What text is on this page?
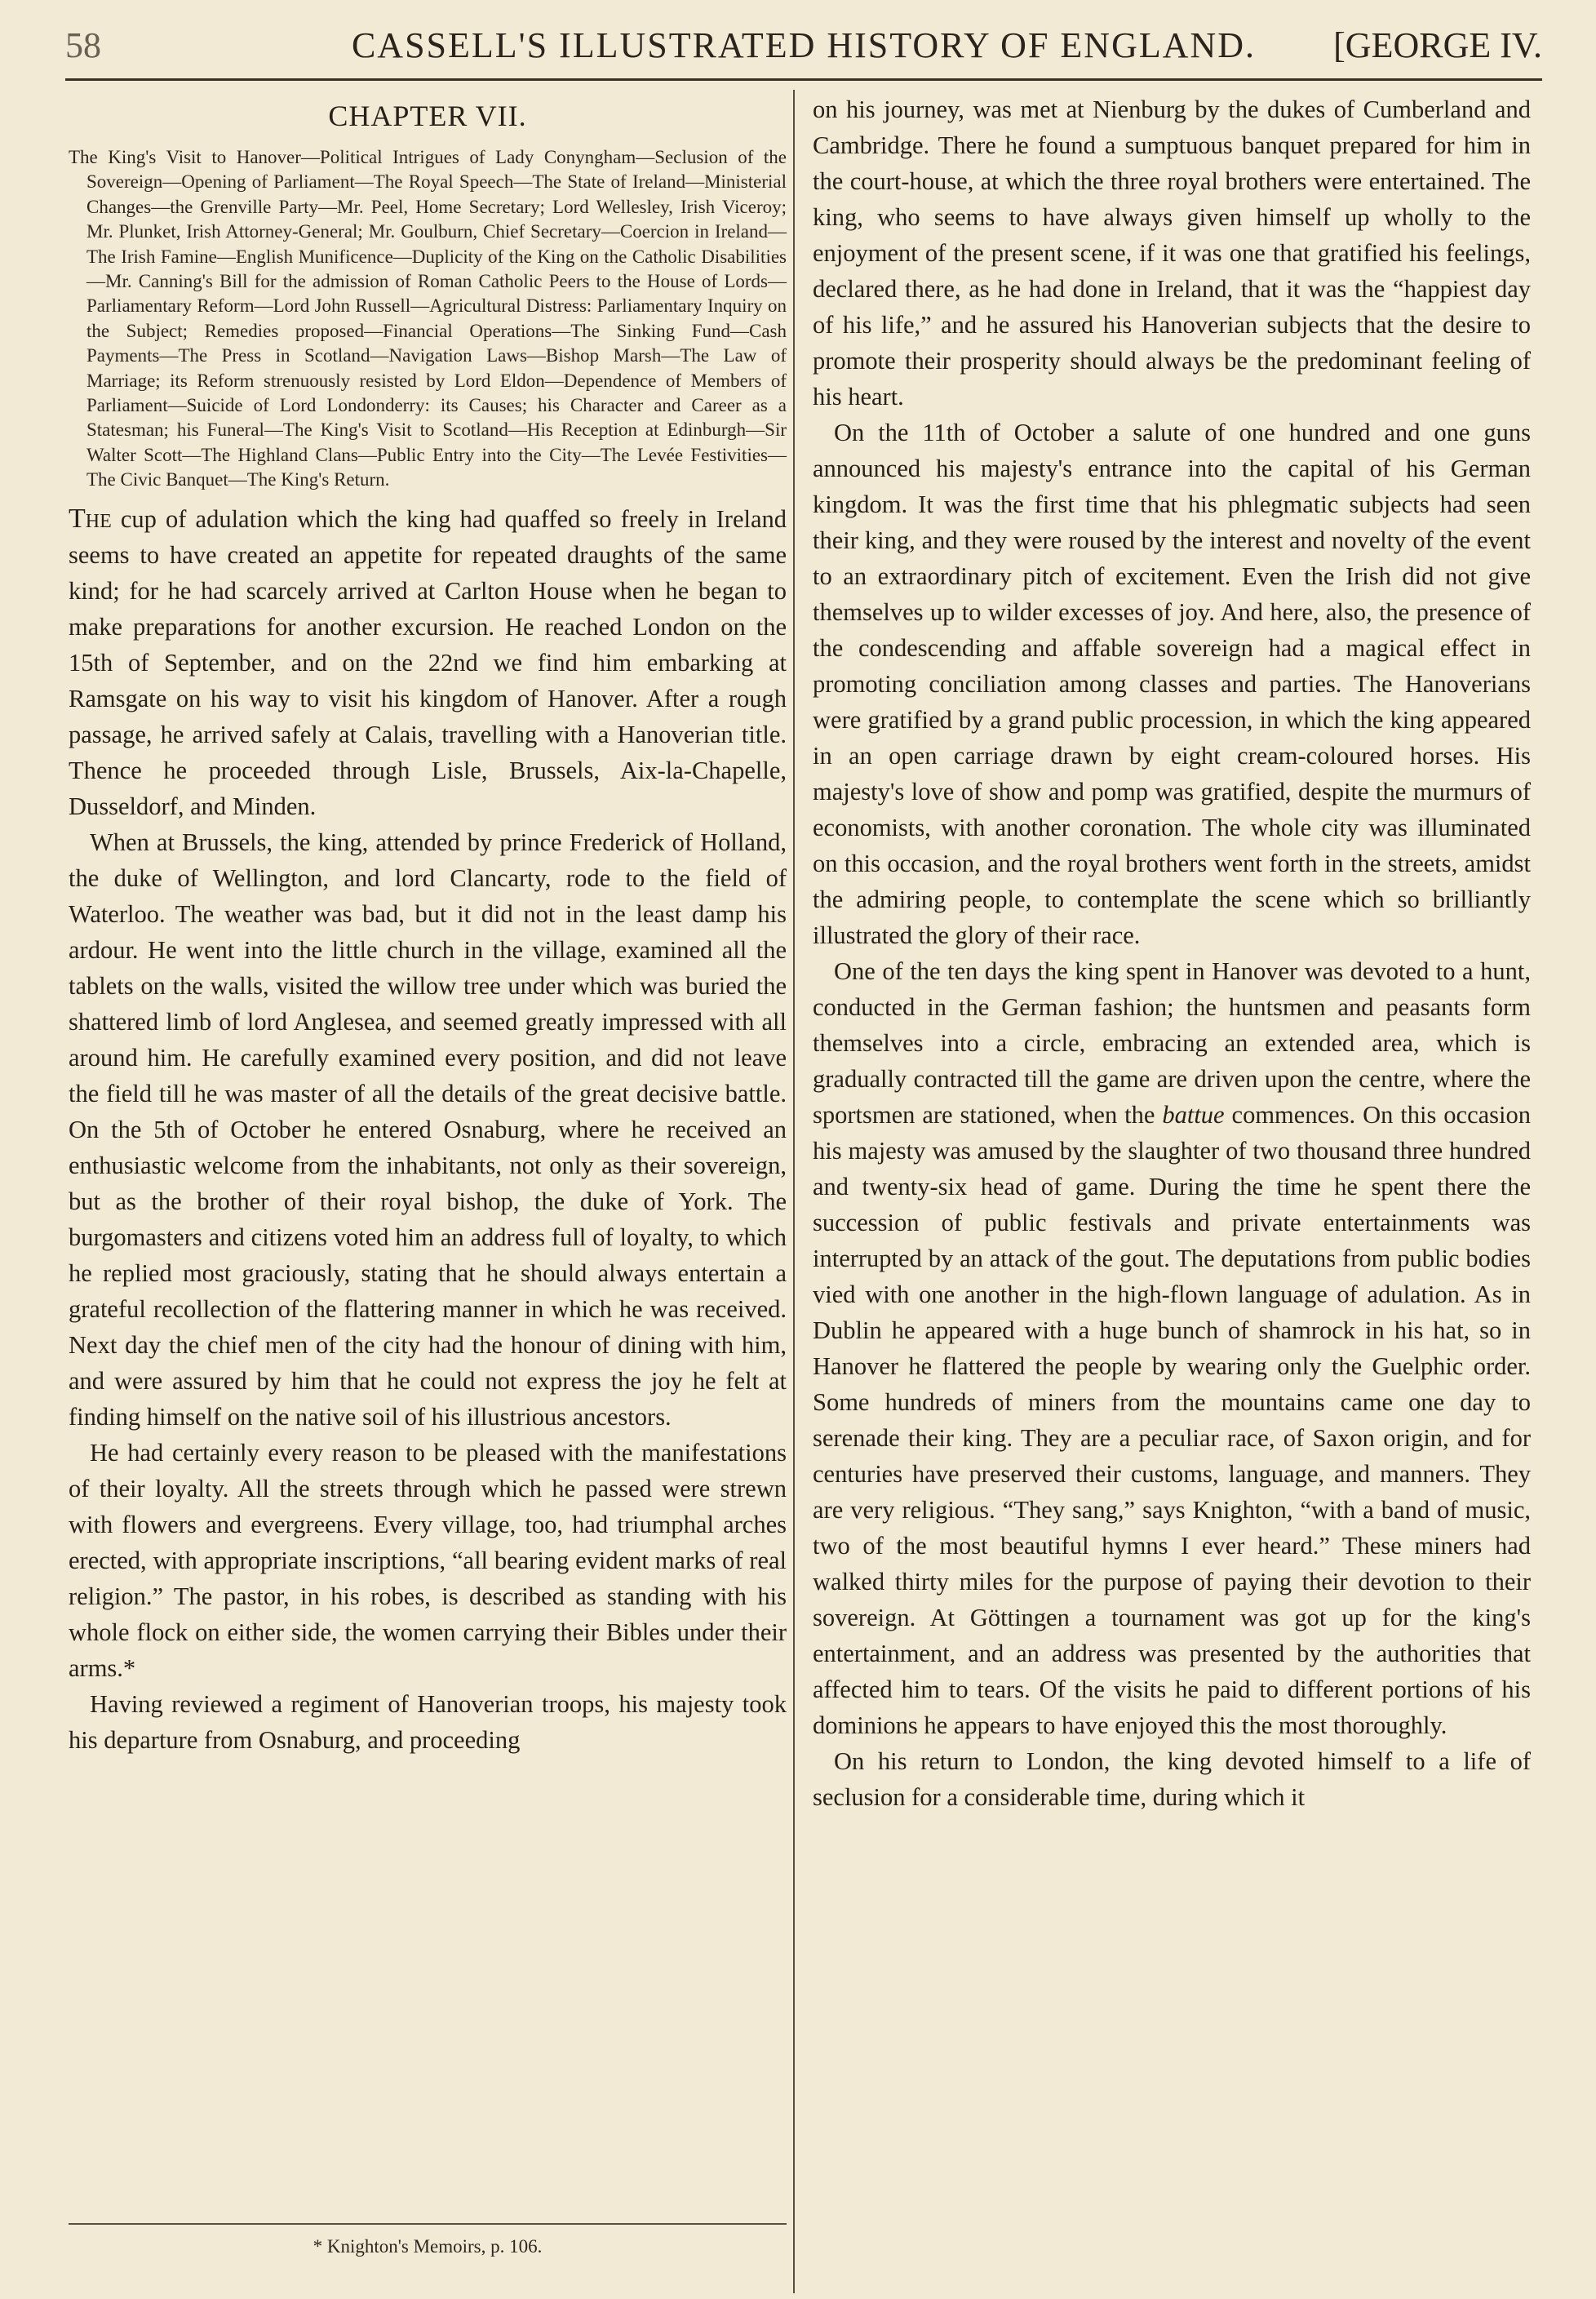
58	CASSELL'S ILLUSTRATED HISTORY OF ENGLAND.	[GEORGE IV.
CHAPTER VII.
The King's Visit to Hanover—Political Intrigues of Lady Conyngham—Seclusion of the Sovereign—Opening of Parliament—The Royal Speech—The State of Ireland—Ministerial Changes—the Grenville Party—Mr. Peel, Home Secretary; Lord Wellesley, Irish Viceroy; Mr. Plunket, Irish Attorney-General; Mr. Goulburn, Chief Secretary—Coercion in Ireland—The Irish Famine—English Munificence—Duplicity of the King on the Catholic Disabilities—Mr. Canning's Bill for the admission of Roman Catholic Peers to the House of Lords—Parliamentary Reform—Lord John Russell—Agricultural Distress: Parliamentary Inquiry on the Subject; Remedies proposed—Financial Operations—The Sinking Fund—Cash Payments—The Press in Scotland—Navigation Laws—Bishop Marsh—The Law of Marriage; its Reform strenuously resisted by Lord Eldon—Dependence of Members of Parliament—Suicide of Lord Londonderry: its Causes; his Character and Career as a Statesman; his Funeral—The King's Visit to Scotland—His Reception at Edinburgh—Sir Walter Scott—The Highland Clans—Public Entry into the City—The Levée Festivities—The Civic Banquet—The King's Return.

The cup of adulation which the king had quaffed so freely in Ireland seems to have created an appetite for repeated draughts of the same kind; for he had scarcely arrived at Carlton House when he began to make preparations for another excursion. He reached London on the 15th of September, and on the 22nd we find him embarking at Ramsgate on his way to visit his kingdom of Hanover. After a rough passage, he arrived safely at Calais, travelling with a Hanoverian title. Thence he proceeded through Lisle, Brussels, Aix-la-Chapelle, Dusseldorf, and Minden.

When at Brussels, the king, attended by prince Frederick of Holland, the duke of Wellington, and lord Clancarty, rode to the field of Waterloo. The weather was bad, but it did not in the least damp his ardour. He went into the little church in the village, examined all the tablets on the walls, visited the willow tree under which was buried the shattered limb of lord Anglesea, and seemed greatly impressed with all around him. He carefully examined every position, and did not leave the field till he was master of all the details of the great decisive battle. On the 5th of October he entered Osnaburg, where he received an enthusiastic welcome from the inhabitants, not only as their sovereign, but as the brother of their royal bishop, the duke of York. The burgomasters and citizens voted him an address full of loyalty, to which he replied most graciously, stating that he should always entertain a grateful recollection of the flattering manner in which he was received. Next day the chief men of the city had the honour of dining with him, and were assured by him that he could not express the joy he felt at finding himself on the native soil of his illustrious ancestors.

He had certainly every reason to be pleased with the manifestations of their loyalty. All the streets through which he passed were strewn with flowers and evergreens. Every village, too, had triumphal arches erected, with appropriate inscriptions, “all bearing evident marks of real religion.” The pastor, in his robes, is described as standing with his whole flock on either side, the women carrying their Bibles under their arms.*

Having reviewed a regiment of Hanoverian troops, his majesty took his departure from Osnaburg, and proceeding

* Knighton's Memoirs, p. 106.

on his journey, was met at Nienburg by the dukes of Cumberland and Cambridge. There he found a sumptuous banquet prepared for him in the court-house, at which the three royal brothers were entertained. The king, who seems to have always given himself up wholly to the enjoyment of the present scene, if it was one that gratified his feelings, declared there, as he had done in Ireland, that it was the “happiest day of his life,” and he assured his Hanoverian subjects that the desire to promote their prosperity should always be the predominant feeling of his heart.

On the 11th of October a salute of one hundred and one guns announced his majesty's entrance into the capital of his German kingdom. It was the first time that his phlegmatic subjects had seen their king, and they were roused by the interest and novelty of the event to an extraordinary pitch of excitement. Even the Irish did not give themselves up to wilder excesses of joy. And here, also, the presence of the condescending and affable sovereign had a magical effect in promoting conciliation among classes and parties. The Hanoverians were gratified by a grand public procession, in which the king appeared in an open carriage drawn by eight cream-coloured horses. His majesty's love of show and pomp was gratified, despite the murmurs of economists, with another coronation. The whole city was illuminated on this occasion, and the royal brothers went forth in the streets, amidst the admiring people, to contemplate the scene which so brilliantly illustrated the glory of their race.

One of the ten days the king spent in Hanover was devoted to a hunt, conducted in the German fashion; the huntsmen and peasants form themselves into a circle, embracing an extended area, which is gradually contracted till the game are driven upon the centre, where the sportsmen are stationed, when the battue commences. On this occasion his majesty was amused by the slaughter of two thousand three hundred and twenty-six head of game. During the time he spent there the succession of public festivals and private entertainments was interrupted by an attack of the gout. The deputations from public bodies vied with one another in the high-flown language of adulation. As in Dublin he appeared with a huge bunch of shamrock in his hat, so in Hanover he flattered the people by wearing only the Guelphic order. Some hundreds of miners from the mountains came one day to serenade their king. They are a peculiar race, of Saxon origin, and for centuries have preserved their customs, language, and manners. They are very religious. “They sang,” says Knighton, “with a band of music, two of the most beautiful hymns I ever heard.” These miners had walked thirty miles for the purpose of paying their devotion to their sovereign. At Göttingen a tournament was got up for the king's entertainment, and an address was presented by the authorities that affected him to tears. Of the visits he paid to different portions of his dominions he appears to have enjoyed this the most thoroughly.

On his return to London, the king devoted himself to a life of seclusion for a considerable time, during which it
